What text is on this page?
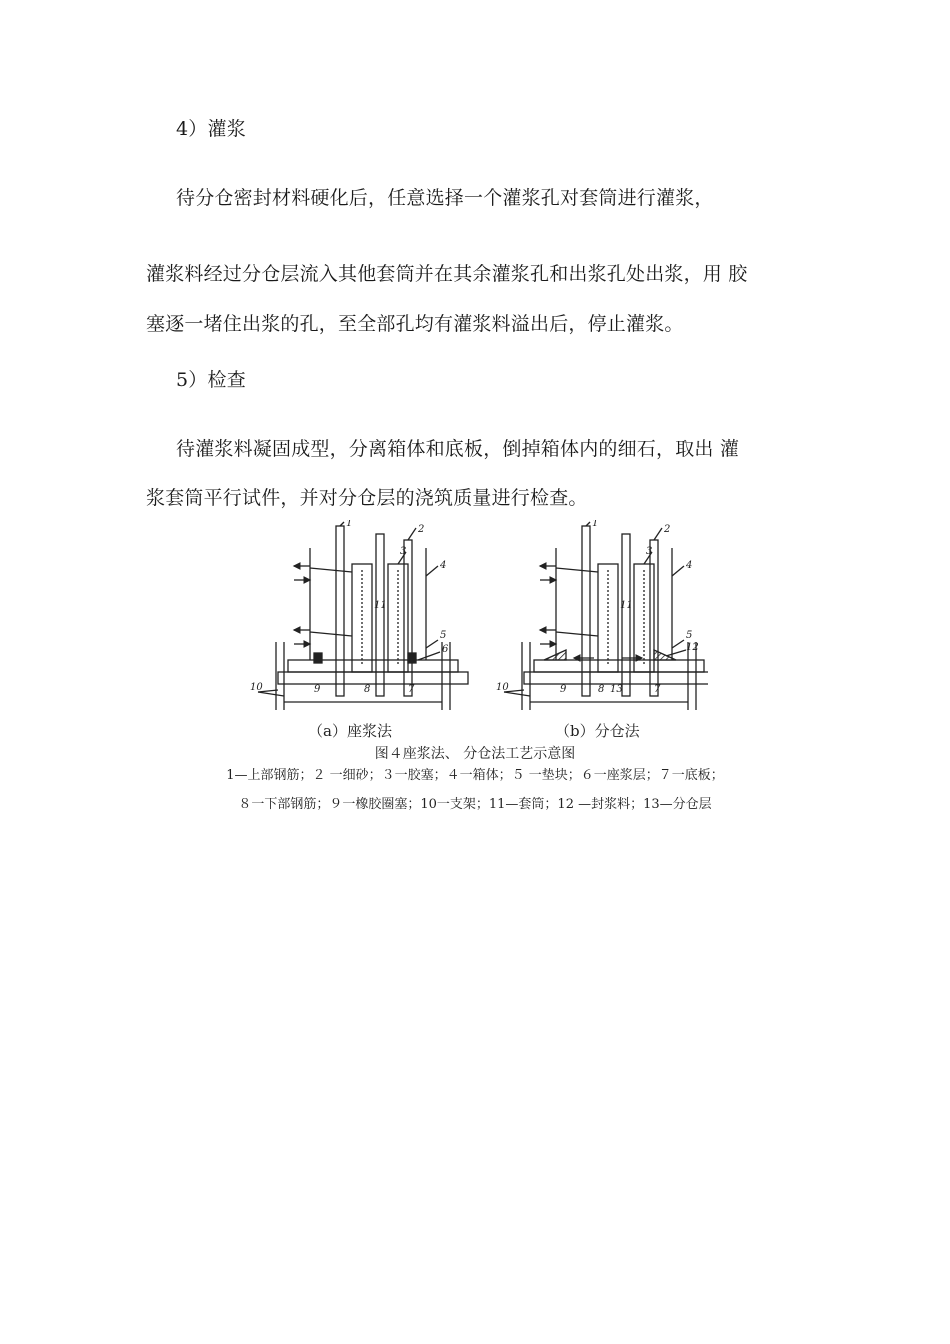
4）灌浆
待分仓密封材料硬化后，任意选择一个灌浆孔对套筒进行灌浆，
灌浆料经过分仓层流入其他套筒并在其余灌浆孔和出浆孔处出浆，用 胶
塞逐一堵住出浆的孔，至全部孔均有灌浆料溢出后，停止灌浆。
5）检查
待灌浆料凝固成型，分离箱体和底板，倒掉箱体内的细石，取出 灌
浆套筒平行试件，并对分仓层的浇筑质量进行检查。
1
2
3
4
11
5
6
10	9	8	7
1
2
3
4
11
5
12
10	9	8 13	7
（a）座浆法	（b）分仓法
图４座浆法、 分仓法工艺示意图
1—上部钢筋；２ 一细砂；３一胶塞；４一箱体；５ 一垫块；６一座浆层；７一底板；
８一下部钢筋；９一橡胶圈塞；10一支架；11—套筒；12 —封浆料；13—分仓层
